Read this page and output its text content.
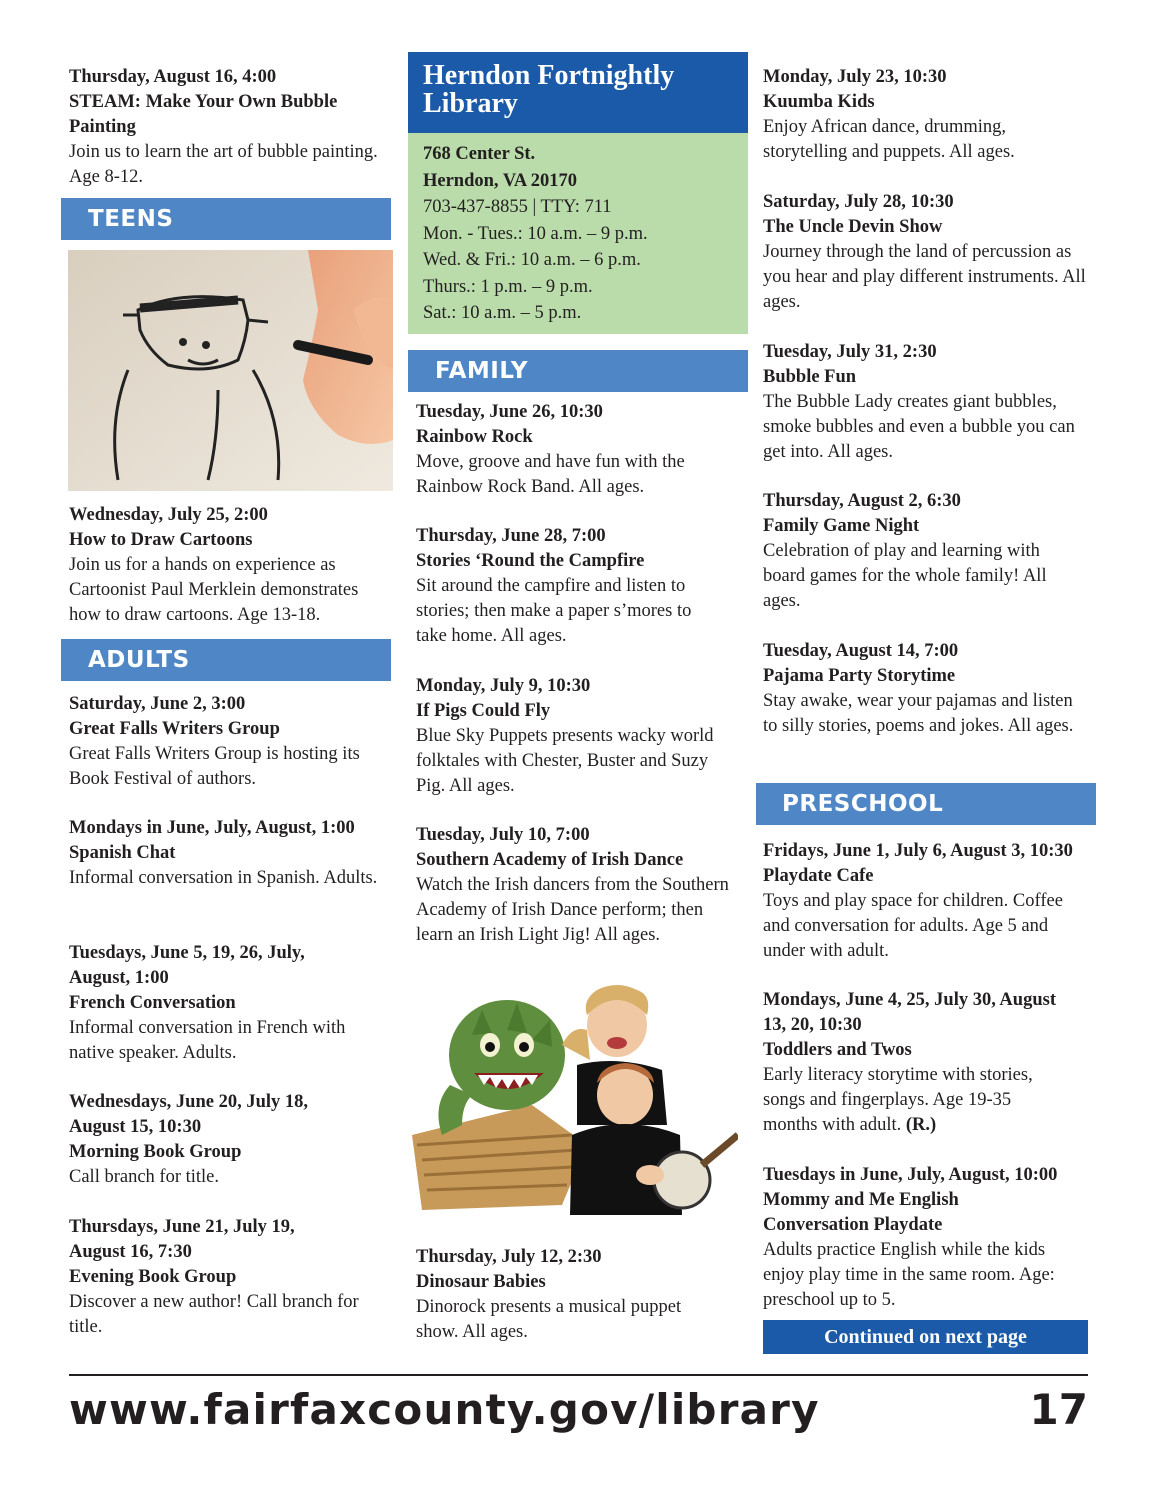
Thursday, August 16, 4:00
STEAM: Make Your Own Bubble Painting
Join us to learn the art of bubble painting. Age 8-12.
TEENS
Wednesday, July 25, 2:00
How to Draw Cartoons
Join us for a hands on experience as Cartoonist Paul Merklein demonstrates how to draw cartoons. Age 13-18.
ADULTS
Saturday, June 2, 3:00
Great Falls Writers Group
Great Falls Writers Group is hosting its Book Festival of authors.
Mondays in June, July, August, 1:00
Spanish Chat
Informal conversation in Spanish. Adults.
Tuesdays, June 5, 19, 26, July, August, 1:00
French Conversation
Informal conversation in French with native speaker. Adults.
Wednesdays, June 20, July 18, August 15, 10:30
Morning Book Group
Call branch for title.
Thursdays, June 21, July 19, August 16, 7:30
Evening Book Group
Discover a new author! Call branch for title.
Herndon Fortnightly Library
768 Center St.
Herndon, VA 20170
703-437-8855 | TTY: 711
Mon. - Tues.: 10 a.m. – 9 p.m.
Wed. & Fri.: 10 a.m. – 6 p.m.
Thurs.: 1 p.m. – 9 p.m.
Sat.: 10 a.m. – 5 p.m.
FAMILY
Tuesday, June 26, 10:30
Rainbow Rock
Move, groove and have fun with the Rainbow Rock Band. All ages.
Thursday, June 28, 7:00
Stories ‘Round the Campfire
Sit around the campfire and listen to stories; then make a paper s’mores to take home. All ages.
Monday, July 9, 10:30
If Pigs Could Fly
Blue Sky Puppets presents wacky world folktales with Chester, Buster and Suzy Pig. All ages.
Tuesday, July 10, 7:00
Southern Academy of Irish Dance
Watch the Irish dancers from the Southern Academy of Irish Dance perform; then learn an Irish Light Jig! All ages.
Thursday, July 12, 2:30
Dinosaur Babies
Dinorock presents a musical puppet show. All ages.
Monday, July 23, 10:30
Kuumba Kids
Enjoy African dance, drumming, storytelling and puppets. All ages.
Saturday, July 28, 10:30
The Uncle Devin Show
Journey through the land of percussion as you hear and play different instruments. All ages.
Tuesday, July 31, 2:30
Bubble Fun
The Bubble Lady creates giant bubbles, smoke bubbles and even a bubble you can get into. All ages.
Thursday, August 2, 6:30
Family Game Night
Celebration of play and learning with board games for the whole family! All ages.
Tuesday, August 14, 7:00
Pajama Party Storytime
Stay awake, wear your pajamas and listen to silly stories, poems and jokes. All ages.
PRESCHOOL
Fridays, June 1, July 6, August 3, 10:30
Playdate Cafe
Toys and play space for children. Coffee and conversation for adults. Age 5 and under with adult.
Mondays, June 4, 25, July 30, August 13, 20, 10:30
Toddlers and Twos
Early literacy storytime with stories, songs and fingerplays. Age 19-35 months with adult. (R.)
Tuesdays in June, July, August, 10:00
Mommy and Me English Conversation Playdate
Adults practice English while the kids enjoy play time in the same room. Age: preschool up to 5.
Continued on next page
www.fairfaxcounty.gov/library	17
